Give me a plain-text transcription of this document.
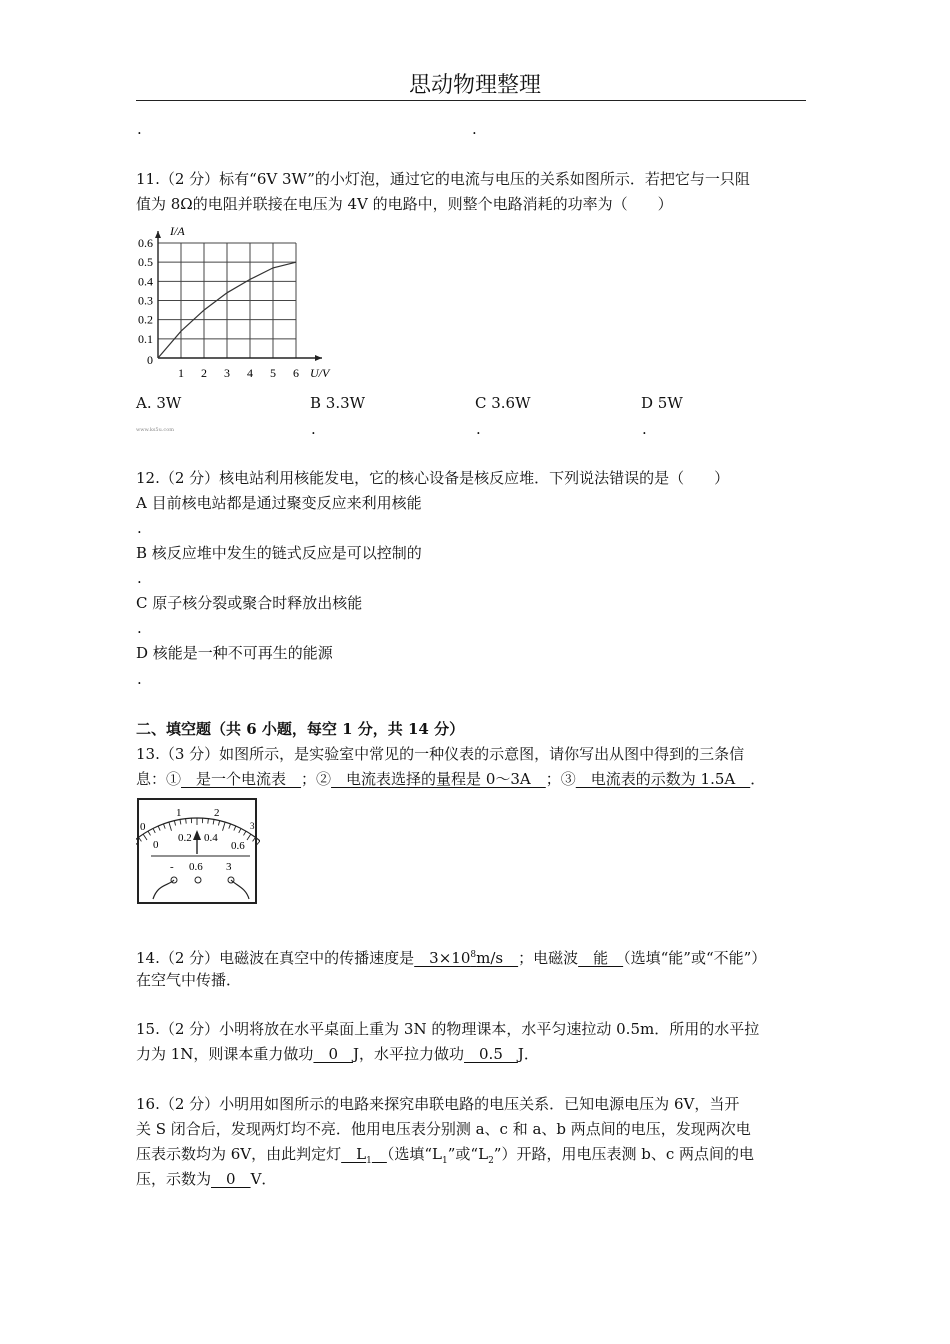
思动物理整理
.	.
11.（2 分）标有“6V 3W”的小灯泡，通过它的电流与电压的关系如图所示．若把它与一只阻
值为 8Ω的电阻并联接在电压为 4V 的电路中，则整个电路消耗的功率为（　　）
0.6
0.5
0.4
0.3
0.2
0.1
1 2 3 4 5 6
I/A
0
U/V
A. 3W	B 3.3W	C 3.6W	D 5W
www.ks5u.com	.	.	.
12.（2 分）核电站利用核能发电，它的核心设备是核反应堆．下列说法错误的是（　　）
A 目前核电站都是通过聚变反应来利用核能
.
B 核反应堆中发生的链式反应是可以控制的
.
C 原子核分裂或聚合时释放出核能
.
D 核能是一种不可再生的能源
.
二、填空题（共 6 小题，每空 1 分，共 14 分）
13.（3 分）如图所示，是实验室中常见的一种仪表的示意图，请你写出从图中得到的三条信
息：①　是一个电流表　；②　电流表选择的量程是 0～3A　；③　电流表的示数为 1.5A　．
0
1	2
3
0
0.2 0.4
0.6
- 0.6 3
14.（2 分）电磁波在真空中的传播速度是　$3\times 10^8m/s$　；电磁波　能　（选填“能”或“不能”）
在空气中传播．
15.（2 分）小明将放在水平桌面上重为 3N 的物理课本，水平匀速拉动 0.5m．所用的水平拉
力为 1N，则课本重力做功　0　J，水平拉力做功　0.5　J．
16.（2 分）小明用如图所示的电路来探究串联电路的电压关系．已知电源电压为 6V，当开
关 S 闭合后，发现两灯均不亮．他用电压表分别测 a、c 和 a、b 两点间的电压，发现两次电
压表示数均为 6V，由此判定灯　$L_1$　 （选填“$L_1$”或“$L_2$”）开路，用电压表测 b、c 两点间的电
压，示数为　0　V．
